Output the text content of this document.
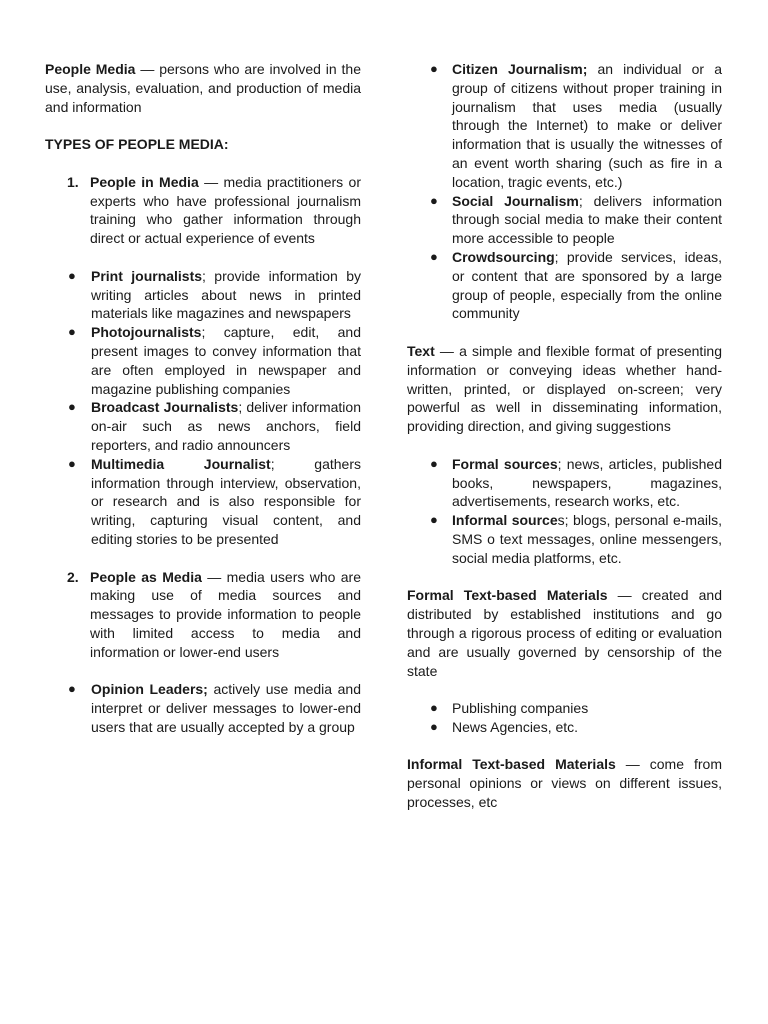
People Media — persons who are involved in the use, analysis, evaluation, and production of media and information

TYPES OF PEOPLE MEDIA:

1. People in Media — media practitioners or experts who have professional journalism training who gather information through direct or actual experience of events

● Print journalists; provide information by writing articles about news in printed materials like magazines and newspapers
● Photojournalists; capture, edit, and present images to convey information that are often employed in newspaper and magazine publishing companies
● Broadcast Journalists; deliver information on-air such as news anchors, field reporters, and radio announcers
● Multimedia Journalist; gathers information through interview, observation, or research and is also responsible for writing, capturing visual content, and editing stories to be presented
2. People as Media — media users who are making use of media sources and messages to provide information to people with limited access to media and information or lower-end users

● Opinion Leaders; actively use media and interpret or deliver messages to lower-end users that are usually accepted by a group
● Citizen Journalism; an individual or a group of citizens without proper training in journalism that uses media (usually through the Internet) to make or deliver information that is usually the witnesses of an event worth sharing (such as fire in a location, tragic events, etc.)
● Social Journalism; delivers information through social media to make their content more accessible to people
● Crowdsourcing; provide services, ideas, or content that are sponsored by a large group of people, especially from the online community

Text — a simple and flexible format of presenting information or conveying ideas whether hand-written, printed, or displayed on-screen; very powerful as well in disseminating information, providing direction, and giving suggestions

● Formal sources; news, articles, published books, newspapers, magazines, advertisements, research works, etc.
● Informal sources; blogs, personal e-mails, SMS o text messages, online messengers, social media platforms, etc.

Formal Text-based Materials — created and distributed by established institutions and go through a rigorous process of editing or evaluation and are usually governed by censorship of the state

● Publishing companies
● News Agencies, etc.

Informal Text-based Materials — come from personal opinions or views on different issues, processes, etc
